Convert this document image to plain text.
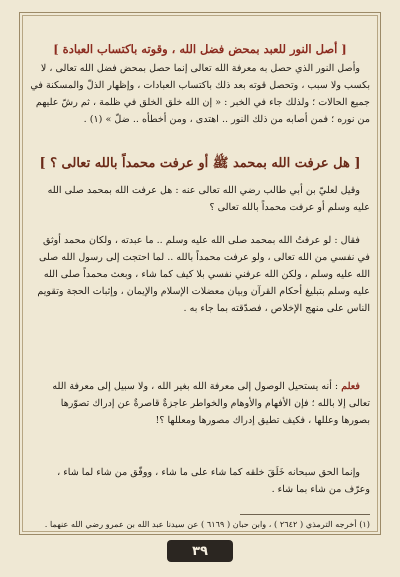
[ أصل النور للعبد بمحض فضل الله ، وقوته باكتساب العبادة ]

وأصل النور الذي حصل به معرفة الله تعالى إنما حصل بمحض فضل الله تعالى ، لا بكسب ولا سبب ، وتحصل قوته بعد ذلك باكتساب العبادات ، وإظهار الذلّ والمسكنة في جميع الحالات ؛ ولذلك جاء في الخبر : « إن الله خلق الخلق في ظلمة ، ثم رشّ عليهم من نوره ؛ فمن أصابه من ذلك النور .. اهتدى ، ومن أخطأه .. ضلّ » (١) .

[ هل عرفت الله بمحمد ﷺ أو عرفت محمداً بالله تعالى ؟ ]

وقيل لعليّ بن أبي طالب رضي الله تعالى عنه : هل عرفت الله بمحمد صلى الله عليه وسلم أو عرفت محمداً بالله تعالى ؟

فقال : لو عرفتُ الله بمحمد صلى الله عليه وسلم .. ما عبدته ، ولكان محمد أوثق في نفسي من الله تعالى ، ولو عرفت محمداً بالله .. لما احتجت إلى رسول الله صلى الله عليه وسلم ، ولكن الله عرفني نفسي بلا كيف كما شاء ، وبعث محمداً صلى الله عليه وسلم بتبليغ أحكام القرآن وبيان معضلات الإسلام والإيمان ، وإثبات الحجة وتقويم الناس على منهج الإخلاص ، فصدّقته بما جاء به .

فعلم : أنه يستحيل الوصول إلى معرفة الله بغير الله ، ولا سبيل إلى معرفة الله تعالى إلا بالله ؛ فإن الأفهام والأوهام والخواطر عاجزةٌ قاصرةٌ عن إدراك تصوّرها بصورها وعللها ، فكيف تطيق إدراك مصورها ومعللها ؟!

وإنما الحق سبحانه خَلَقَ خلقه كما شاء على ما شاء ، ووفّق من شاء لما شاء ، وعرّف من شاء بما شاء .

(١) أخرجه الترمذي ( ٢٦٤٢ ) ، وابن حبان ( ٦١٦٩ ) عن سيدنا عبد الله بن عمرو رضي الله عنهما .
٣٩
